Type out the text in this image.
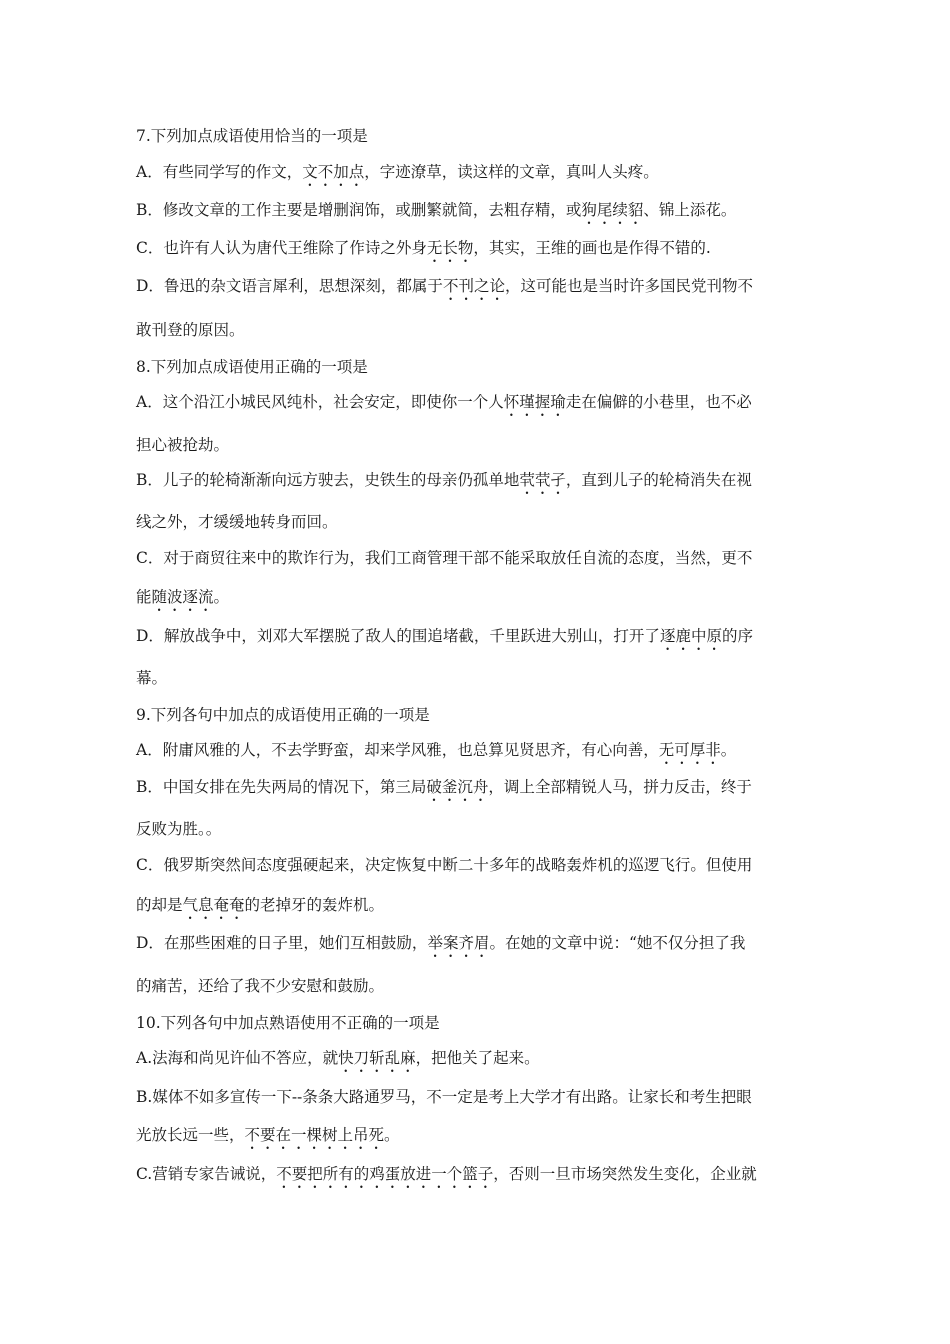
7.下列加点成语使用恰当的一项是
A．有些同学写的作文，文不加点，字迹潦草，读这样的文章，真叫人头疼。
B．修改文章的工作主要是增删润饰，或删繁就简，去粗存精，或狗尾续貂、锦上添花。
C．也许有人认为唐代王维除了作诗之外身无长物，其实，王维的画也是作得不错的.
D．鲁迅的杂文语言犀利，思想深刻，都属于不刊之论，这可能也是当时许多国民党刊物不
敢刊登的原因。
8.下列加点成语使用正确的一项是
A．这个沿江小城民风纯朴，社会安定，即使你一个人怀瑾握瑜走在偏僻的小巷里，也不必
担心被抢劫。
B．儿子的轮椅渐渐向远方驶去，史铁生的母亲仍孤单地茕茕孑，直到儿子的轮椅消失在视
线之外，才缓缓地转身而回。
C．对于商贸往来中的欺诈行为，我们工商管理干部不能采取放任自流的态度，当然，更不
能随波逐流。
D．解放战争中，刘邓大军摆脱了敌人的围追堵截，千里跃进大别山，打开了逐鹿中原的序
幕。
9.下列各句中加点的成语使用正确的一项是
A．附庸风雅的人，不去学野蛮，却来学风雅，也总算见贤思齐，有心向善，无可厚非。
B．中国女排在先失两局的情况下，第三局破釜沉舟，调上全部精锐人马，拼力反击，终于
反败为胜。。
C．俄罗斯突然间态度强硬起来，决定恢复中断二十多年的战略轰炸机的巡逻飞行。但使用
的却是气息奄奄的老掉牙的轰炸机。
D．在那些困难的日子里，她们互相鼓励，举案齐眉。在她的文章中说：“她不仅分担了我
的痛苦，还给了我不少安慰和鼓励。
10.下列各句中加点熟语使用不正确的一项是
A.法海和尚见许仙不答应，就快刀斩乱麻，把他关了起来。
B.媒体不如多宣传一下--条条大路通罗马，不一定是考上大学才有出路。让家长和考生把眼
光放长远一些，不要在一棵树上吊死。
C.营销专家告诫说，不要把所有的鸡蛋放进一个篮子，否则一旦市场突然发生变化，企业就
